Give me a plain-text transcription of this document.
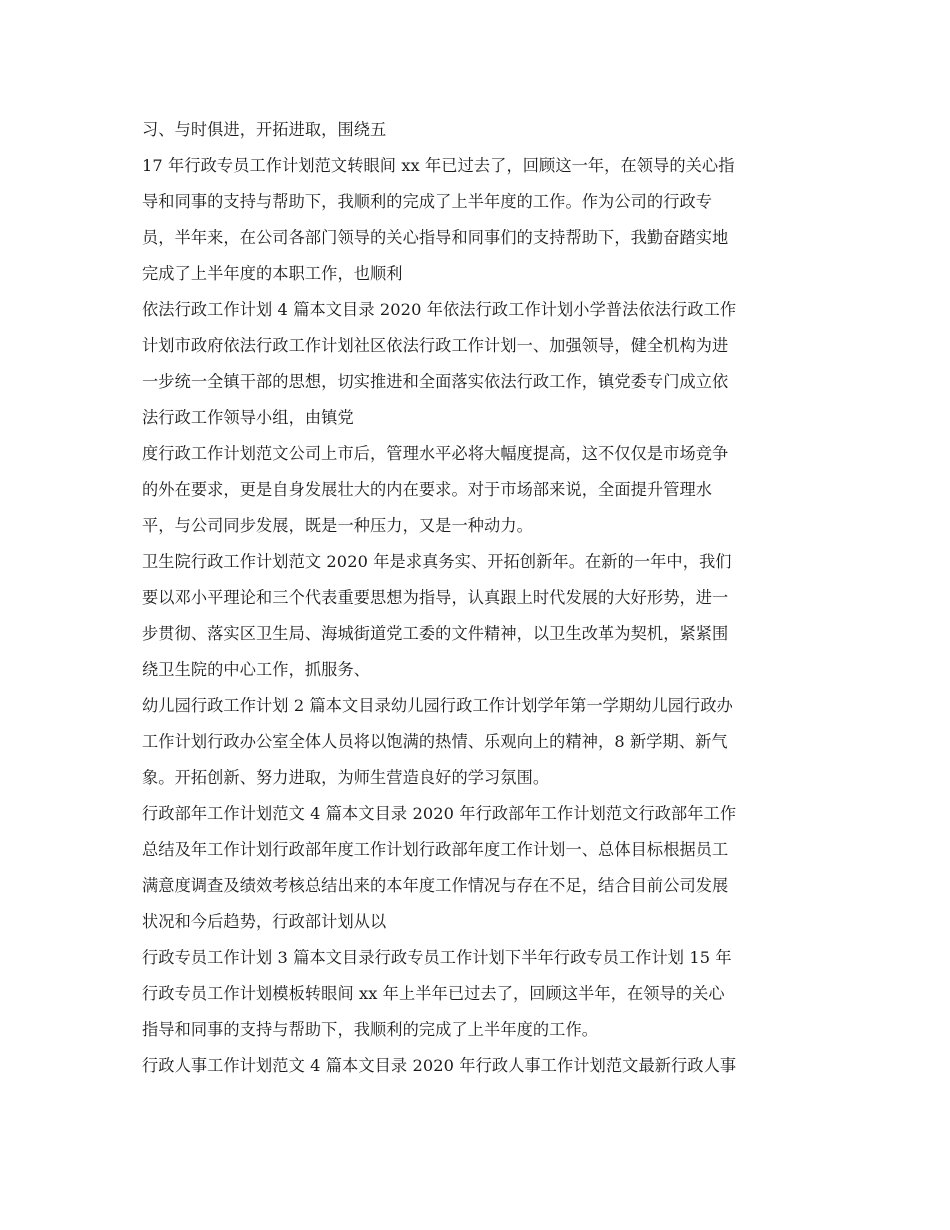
习、与时俱进，开拓进取，围绕五
17 年行政专员工作计划范文转眼间 xx 年已过去了，回顾这一年，在领导的关心指
导和同事的支持与帮助下，我顺利的完成了上半年度的工作。作为公司的行政专
员，半年来，在公司各部门领导的关心指导和同事们的支持帮助下，我勤奋踏实地
完成了上半年度的本职工作，也顺利
依法行政工作计划 4 篇本文目录 2020 年依法行政工作计划小学普法依法行政工作
计划市政府依法行政工作计划社区依法行政工作计划一、加强领导，健全机构为进
一步统一全镇干部的思想，切实推进和全面落实依法行政工作，镇党委专门成立依
法行政工作领导小组，由镇党
度行政工作计划范文公司上市后，管理水平必将大幅度提高，这不仅仅是市场竞争
的外在要求，更是自身发展壮大的内在要求。对于市场部来说，全面提升管理水
平，与公司同步发展，既是一种压力，又是一种动力。
卫生院行政工作计划范文 2020 年是求真务实、开拓创新年。在新的一年中，我们
要以邓小平理论和三个代表重要思想为指导，认真跟上时代发展的大好形势，进一
步贯彻、落实区卫生局、海城街道党工委的文件精神，以卫生改革为契机，紧紧围
绕卫生院的中心工作，抓服务、
幼儿园行政工作计划 2 篇本文目录幼儿园行政工作计划学年第一学期幼儿园行政办
工作计划行政办公室全体人员将以饱满的热情、乐观向上的精神，8 新学期、新气
象。开拓创新、努力进取，为师生营造良好的学习氛围。
行政部年工作计划范文 4 篇本文目录 2020 年行政部年工作计划范文行政部年工作
总结及年工作计划行政部年度工作计划行政部年度工作计划一、总体目标根据员工
满意度调查及绩效考核总结出来的本年度工作情况与存在不足，结合目前公司发展
状况和今后趋势，行政部计划从以
行政专员工作计划 3 篇本文目录行政专员工作计划下半年行政专员工作计划 15 年
行政专员工作计划模板转眼间 xx 年上半年已过去了，回顾这半年，在领导的关心
指导和同事的支持与帮助下，我顺利的完成了上半年度的工作。
行政人事工作计划范文 4 篇本文目录 2020 年行政人事工作计划范文最新行政人事
